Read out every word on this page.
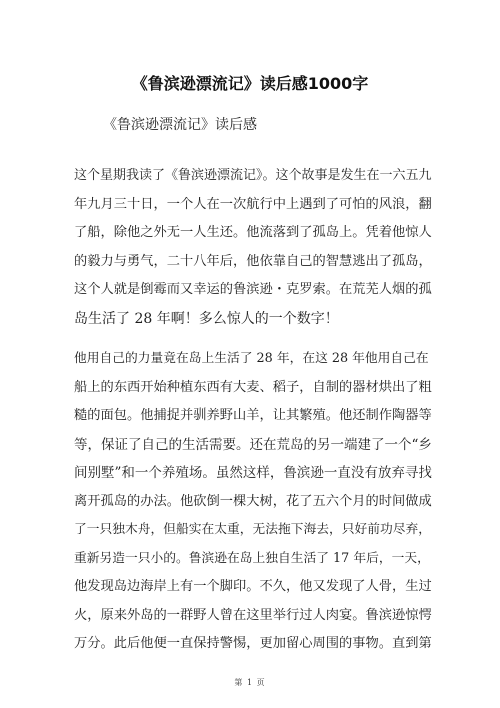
《鲁滨逊漂流记》读后感1000字
《鲁滨逊漂流记》读后感
这个星期我读了《鲁滨逊漂流记》。这个故事是发生在一六五九
年九月三十日，一个人在一次航行中上遇到了可怕的风浪，翻
了船，除他之外无一人生还。他流落到了孤岛上。凭着他惊人
的毅力与勇气，二十八年后，他依靠自己的智慧逃出了孤岛，
这个人就是倒霉而又幸运的鲁滨逊・克罗索。在荒芜人烟的孤
岛生活了 28 年啊！多么惊人的一个数字！
他用自己的力量竟在岛上生活了 28 年，在这 28 年他用自己在
船上的东西开始种植东西有大麦、稻子，自制的器材烘出了粗
糙的面包。他捕捉并驯养野山羊，让其繁殖。他还制作陶器等
等，保证了自己的生活需要。还在荒岛的另一端建了一个“乡
间别墅”和一个养殖场。虽然这样，鲁滨逊一直没有放弃寻找
离开孤岛的办法。他砍倒一棵大树，花了五六个月的时间做成
了一只独木舟，但船实在太重，无法拖下海去，只好前功尽弃，
重新另造一只小的。鲁滨逊在岛上独自生活了 17 年后，一天，
他发现岛边海岸上有一个脚印。不久，他又发现了人骨，生过
火，原来外岛的一群野人曾在这里举行过人肉宴。鲁滨逊惊愕
万分。此后他便一直保持警惕，更加留心周围的事物。直到第
第 1 页
